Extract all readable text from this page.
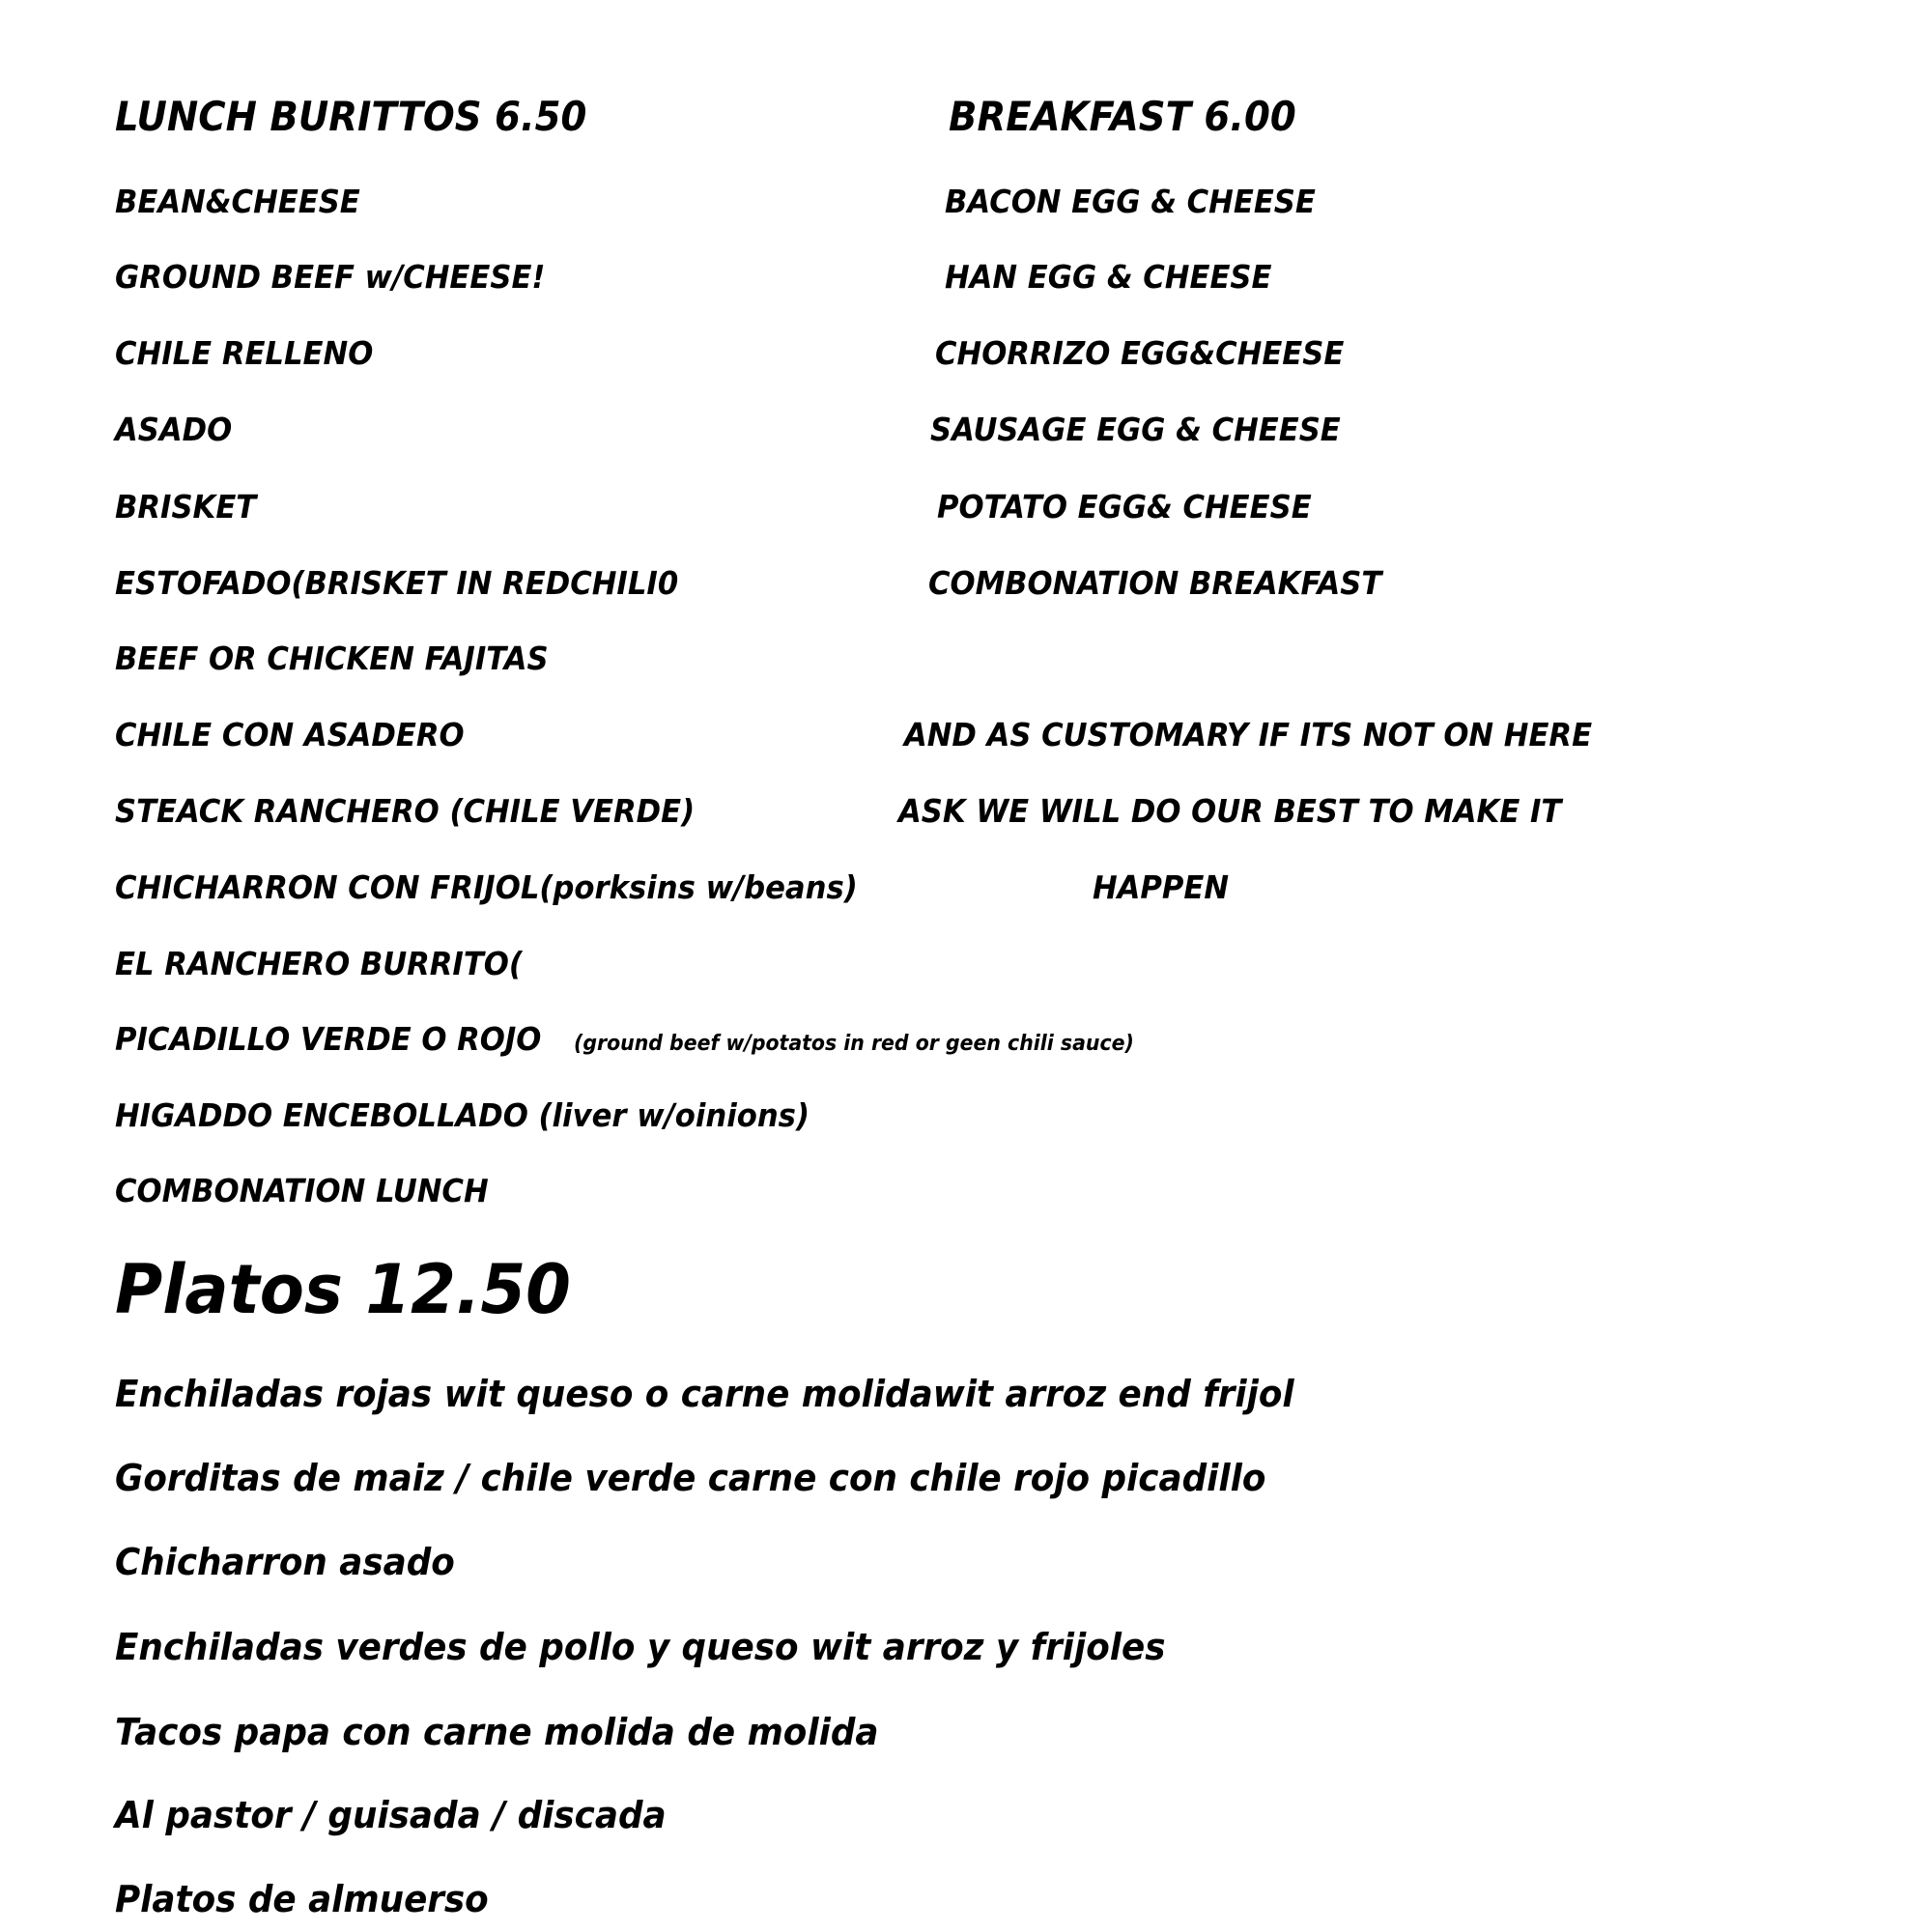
LUNCH BURITTOS 6.50
BEAN&CHEESE
GROUND BEEF w/CHEESE!
CHILE RELLENO
ASADO
BRISKET
ESTOFADO(BRISKET IN REDCHILI0
BEEF OR CHICKEN FAJITAS
CHILE CON ASADERO
STEACK RANCHERO (CHILE VERDE)
CHICHARRON CON FRIJOL(porksins w/beans)
EL RANCHERO BURRITO(
PICADILLO VERDE O ROJO (ground beef w/potatos in red or geen chili sauce)
HIGADDO ENCEBOLLADO (liver w/oinions)
COMBONATION LUNCH
BREAKFAST 6.00
BACON EGG & CHEESE
HAN EGG & CHEESE
CHORRIZO EGG&CHEESE
SAUSAGE EGG & CHEESE
POTATO EGG& CHEESE
COMBONATION BREAKFAST
AND AS CUSTOMARY IF ITS NOT ON HERE
ASK WE WILL DO OUR BEST TO MAKE IT
HAPPEN
Platos 12.50
Enchiladas rojas wit queso o carne molidawit arroz end frijol
Gorditas de maiz / chile verde carne con chile rojo picadillo
Chicharron asado
Enchiladas verdes de pollo y queso wit arroz y frijoles
Tacos papa con carne molida de molida
Al pastor / guisada / discada
Platos de almuerso
